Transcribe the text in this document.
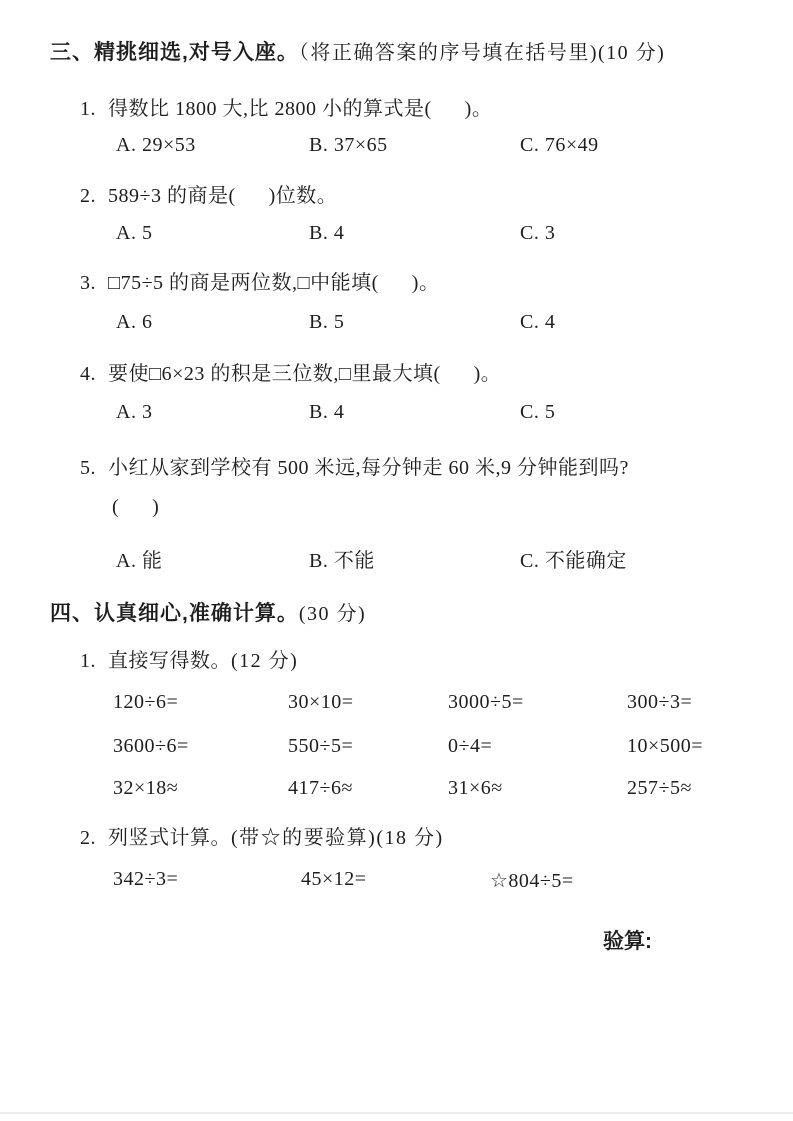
三、精挑细选,对号入座。（将正确答案的序号填在括号里)(10 分)
1. 得数比 1800 大,比 2800 小的算式是(      )。
A. 29×53	B. 37×65	C. 76×49
2. 589÷3 的商是(      )位数。
A. 5	B. 4	C. 3
3. □75÷5 的商是两位数,□中能填(      )。
A. 6	B. 5	C. 4
4. 要使□6×23 的积是三位数,□里最大填(      )。
A. 3	B. 4	C. 5
5. 小红从家到学校有 500 米远,每分钟走 60 米,9 分钟能到吗?
(      )
A. 能	B. 不能	C. 不能确定
四、认真细心,准确计算。(30 分)
1. 直接写得数。(12 分)
120÷6=	30×10=	3000÷5=	300÷3=
3600÷6=	550÷5=	0÷4=	10×500=
32×18≈	417÷6≈	31×6≈	257÷5≈
2. 列竖式计算。(带☆的要验算)(18 分)
342÷3=	45×12=	☆804÷5=
验算:
